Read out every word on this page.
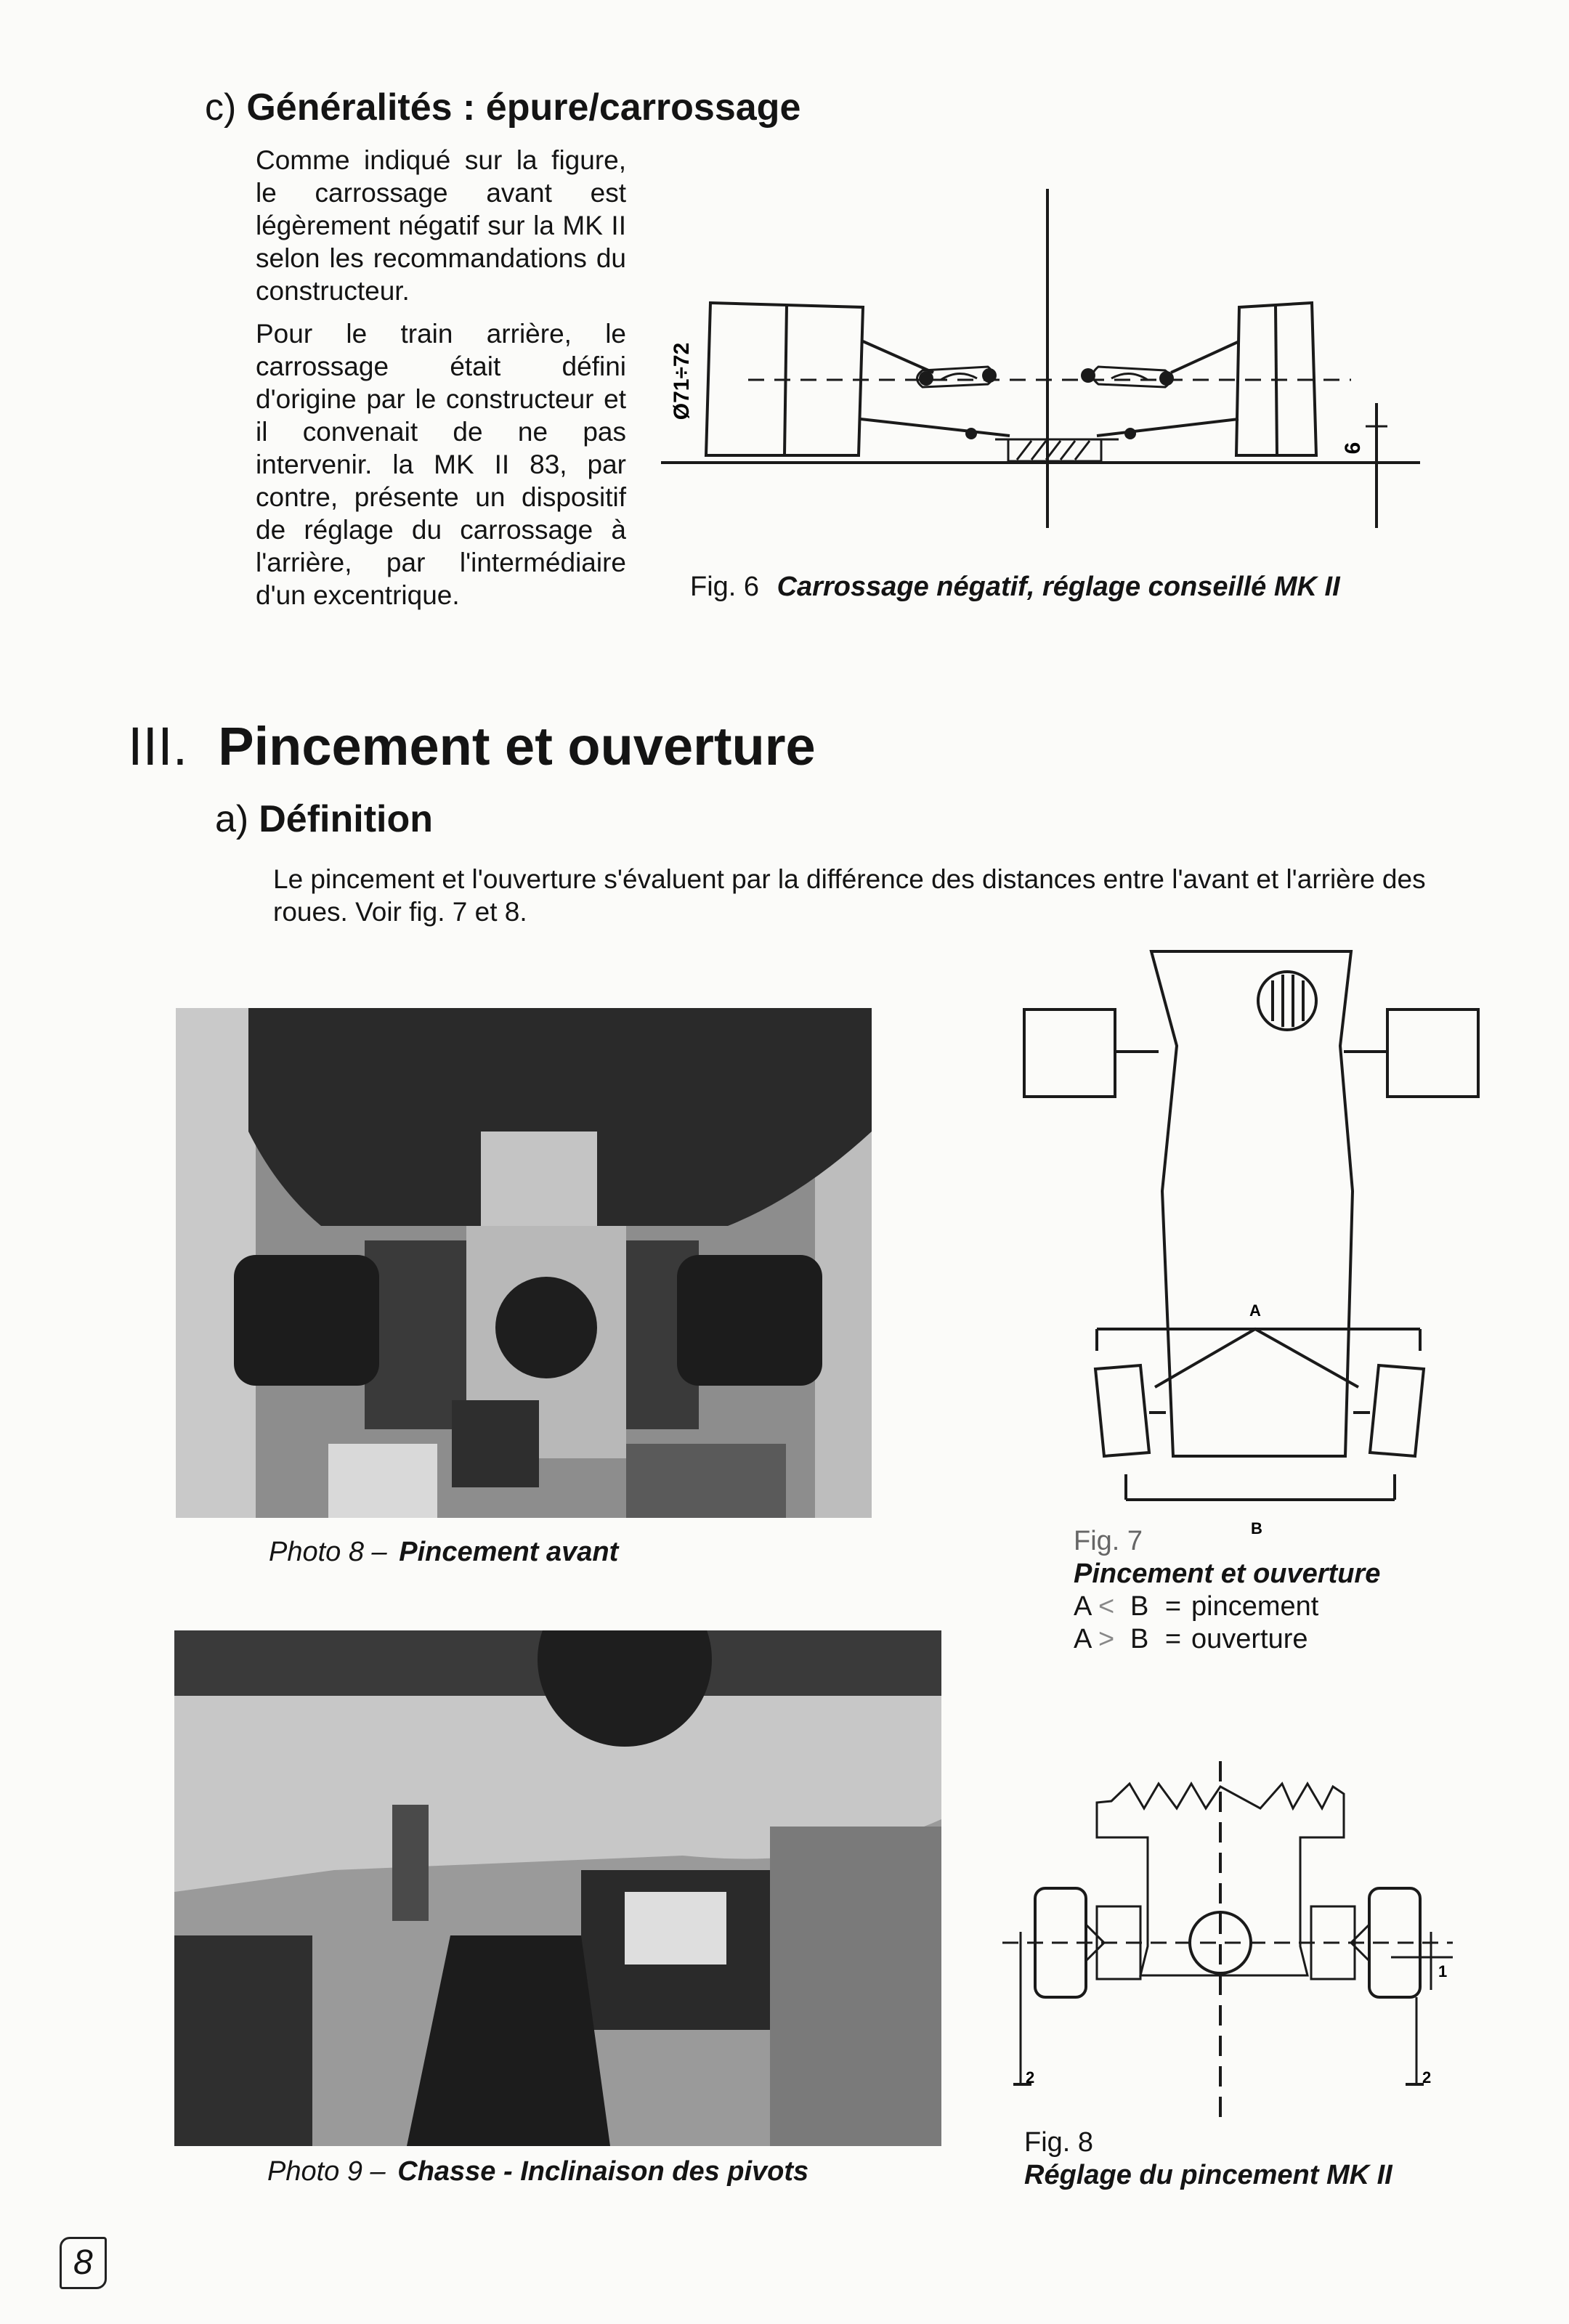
c) Généralités : épure/carrossage

Comme indiqué sur la figure, le carrossage avant est légèrement négatif sur la MK II selon les recommandations du constructeur.

Pour le train arrière, le carrossage était défini d'origine par le constructeur et il convenait de ne pas intervenir. la MK II 83, par contre, présente un dispositif de réglage du carrossage à l'arrière, par l'intermédiaire d'un excentrique.

Ø71÷72
6
Fig. 6 Carrossage négatif, réglage conseillé MK II
III. Pincement et ouverture
a) Définition
Le pincement et l'ouverture s'évaluent par la différence des distances entre l'avant et l'arrière des roues. Voir fig. 7 et 8.
Photo 8 – Pincement avant
Photo 9 – Chasse - Inclinaison des pivots
A
B
Fig. 7
Pincement et ouverture
A < B = pincement
A > B = ouverture
2	2
1
Fig. 8
Réglage du pincement MK II
8
